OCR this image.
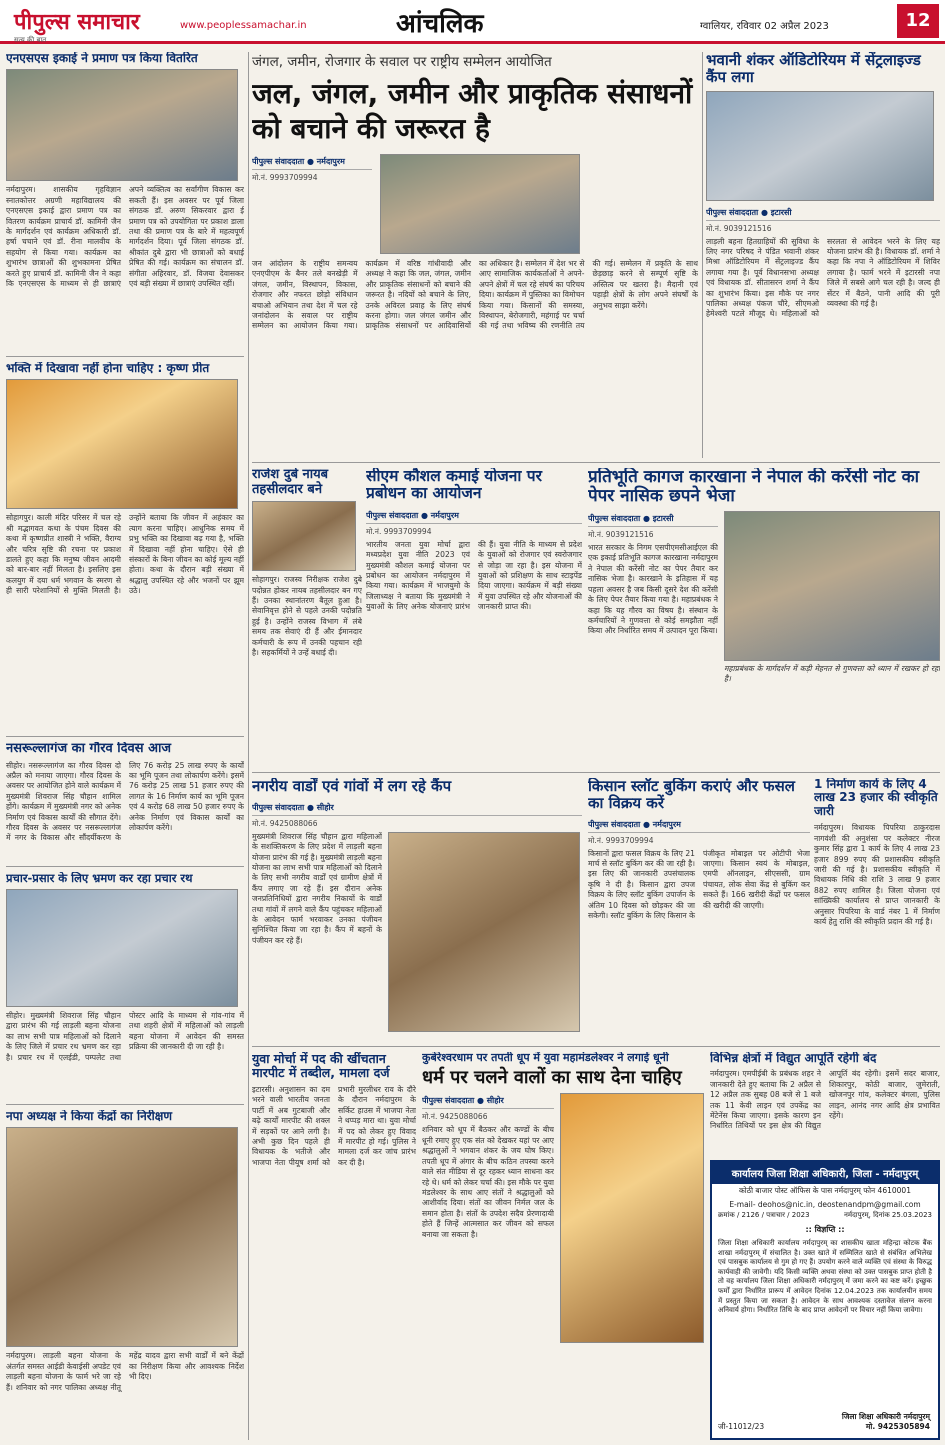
पीपुल्स समाचार
सत्य की बात
www.peoplessamachar.in	आंचलिक	ग्वालियर, रविवार 02 अप्रैल 2023	12
एनएसएस इकाई ने प्रमाण पत्र किया वितरित
नर्मदापुरम। शासकीय गृहविज्ञान स्नातकोत्तर अग्रणी महाविद्यालय की एनएसएस इकाई द्वारा प्रमाण पत्र का वितरण कार्यक्रम प्राचार्य डॉ. कामिनी जैन के मार्गदर्शन एवं कार्यक्रम अधिकारी डॉ. हर्षा चचाने एवं डॉ. रीना मालवीय के सहयोग से किया गया। कार्यक्रम का शुभारंभ छात्राओं की शुभकामना प्रेषित करते हुए प्राचार्य डॉ. कामिनी जैन ने कहा कि एनएसएस के माध्यम से ही छात्राएं अपने व्यक्तित्व का सर्वांगीण विकास कर सकती हैं। इस अवसर पर पूर्व जिला संगठक डॉ. अरुण सिकरवार द्वारा ई प्रमाण पत्र को उपयोगिता पर प्रकाश डाला तथा की प्रमाण पत्र के बारे में महत्वपूर्ण मार्गदर्शन दिया। पूर्व जिला संगठक डॉ. श्रीकांत दुबे द्वारा भी छात्राओं को बधाई प्रेषित की गई। कार्यक्रम का संचालन डॉ. संगीता अहिरवार, डॉ. विजया देवासकर एवं बड़ी संख्या में छात्राएं उपस्थित रहीं।
भक्ति में दिखावा नहीं होना चाहिए : कृष्ण प्रीत
सोहागपुर। काली मंदिर परिसर में चल रहे श्री मद्भागवत कथा के पंचम दिवस की कथा में कृष्णप्रीत शास्त्री ने भक्ति, वैराग्य और चरित्र सृष्टि की रचना पर प्रकाश डालते हुए कहा कि मनुष्य जीवन आदमी को बार-बार नहीं मिलता है। इसलिए इस कलयुग में दया धर्म भगवान के स्मरण से ही सारी परेशानियों से मुक्ति मिलती है। उन्होंने बताया कि जीवन में अहंकार का त्याग करना चाहिए। आधुनिक समय में प्रभु भक्ति का दिखावा बढ़ गया है, भक्ति में दिखावा नहीं होना चाहिए। ऐसे ही संस्कारों के बिना जीवन का कोई मूल्य नहीं होता। कथा के दौरान बड़ी संख्या में श्रद्धालु उपस्थित रहे और भजनों पर झूम उठे।
नसरूल्लागंज का गौरव दिवस आज
सीहोर। नसरूल्लागंज का गौरव दिवस दो अप्रैल को मनाया जाएगा। गौरव दिवस के अवसर पर आयोजित होने वाले कार्यक्रम में मुख्यमंत्री शिवराज सिंह चौहान शामिल होंगे। कार्यक्रम में मुख्यमंत्री नगर को अनेक निर्माण एवं विकास कार्यों की सौगात देंगे। गौरव दिवस के अवसर पर नसरूल्लागंज में नगर के विकास और सौंदर्यीकरण के लिए 76 करोड़ 25 लाख रुपए के कार्यों का भूमि पूजन तथा लोकार्पण करेंगे। इसमें 76 करोड़ 25 लाख 51 हजार रुपए की लागत के 16 निर्माण कार्य का भूमि पूजन एवं 4 करोड़ 68 लाख 50 हजार रुपए के अनेक निर्माण एवं विकास कार्यों का लोकार्पण करेंगे।
प्रचार-प्रसार के लिए भ्रमण कर रहा प्रचार रथ
सीहोर। मुख्यमंत्री शिवराज सिंह चौहान द्वारा प्रारंभ की गई लाड़ली बहना योजना का लाभ सभी पात्र महिलाओं को दिलाने के लिए जिले में प्रचार रथ भ्रमण कर रहा है। प्रचार रथ में एलईडी, पम्पलेट तथा पोस्टर आदि के माध्यम से गांव-गांव में तथा शहरी क्षेत्रों में महिलाओं को लाड़ली बहना योजना में आवेदन की समस्त प्रक्रिया की जानकारी दी जा रही है।
नपा अध्यक्ष ने किया केंद्रों का निरीक्षण
नर्मदापुरम। लाड़ली बहना योजना के अंतर्गत समस्त आईडी केवाईसी अपडेट एवं लाड़ली बहना योजना के फार्म भरे जा रहे हैं। शनिवार को नगर पालिका अध्यक्ष नीतू महेंद्र यादव द्वारा सभी वार्डों में बने केंद्रों का निरीक्षण किया और आवश्यक निर्देश भी दिए।
जंगल, जमीन, रोजगार के सवाल पर राष्ट्रीय सम्मेलन आयोजित
जल, जंगल, जमीन और प्राकृतिक संसाधनों को बचाने की जरूरत है
पीपुल्स संवाददाता ● नर्मदापुरम
मो.नं. 9993709994
जन आंदोलन के राष्ट्रीय समन्वय एनएपीएम के बैनर तले बनखेड़ी में जंगल, जमीन, विस्थापन, विकास, रोजगार और नफरत छोड़ो संविधान बचाओ अभियान तथा देश में चल रहे जनांदोलन के सवाल पर राष्ट्रीय सम्मेलन का आयोजन किया गया। कार्यक्रम में वरिष्ठ गांधीवादी और अध्यक्ष ने कहा कि जल, जंगल, जमीन और प्राकृतिक संसाधनों को बचाने की जरूरत है। नदियों को बचाने के लिए, उनके अविरल प्रवाह के लिए संघर्ष करना होगा। जल जंगल जमीन और प्राकृतिक संसाधनों पर आदिवासियों का अधिकार है। सम्मेलन में देश भर से आए सामाजिक कार्यकर्ताओं ने अपने-अपने क्षेत्रों में चल रहे संघर्ष का परिचय दिया। कार्यक्रम में पुस्तिका का विमोचन किया गया। किसानों की समस्या, विस्थापन, बेरोजगारी, महंगाई पर चर्चा की गई तथा भविष्य की रणनीति तय की गई। सम्मेलन में प्रकृति के साथ छेड़छाड़ करने से सम्पूर्ण सृष्टि के अस्तित्व पर खतरा है। मैदानी एवं पहाड़ी क्षेत्रों के लोग अपने संघर्षों के अनुभव साझा करेंगे।
भवानी शंकर ऑडिटोरियम में सेंट्रलाइज्ड कैंप लगा
पीपुल्स संवाददाता ● इटारसी
मो.नं. 9039121516
लाड़ली बहना हितग्राहियों की सुविधा के लिए नगर परिषद ने पंडित भवानी शंकर मिश्रा ऑडिटोरियम में सेंट्रलाइज्ड कैंप लगाया गया है। पूर्व विधानसभा अध्यक्ष एवं विधायक डॉ. सीतासरन शर्मा ने कैंप का शुभारंभ किया। इस मौके पर नगर पालिका अध्यक्ष पंकज चौरे, सीएमओ हेमेश्वरी पटले मौजूद थे। महिलाओं को सरलता से आवेदन भरने के लिए यह योजना प्रारंभ की है। विधायक डॉ. शर्मा ने कहा कि नपा ने ऑडिटोरियम में शिविर लगाया है। फार्म भरने में इटारसी नपा जिले में सबसे आगे चल रही है। जल्द ही सेंटर में बैठने, पानी आदि की पूरी व्यवस्था की गई है।
राजेश दुबे नायब तहसीलदार बने
सोहागपुर। राजस्व निरीक्षक राजेश दुबे पदोन्नत होकर नायब तहसीलदार बन गए हैं। उनका स्थानांतरण बैतूल हुआ है। सेवानिवृत्त होने से पहले उनकी पदोन्नति हुई है। उन्होंने राजस्व विभाग में लंबे समय तक सेवाएं दी हैं और ईमानदार कर्मचारी के रूप में उनकी पहचान रही है। सहकर्मियों ने उन्हें बधाई दी।
सीएम कौशल कमाई योजना पर प्रबोधन का आयोजन
पीपुल्स संवाददाता ● नर्मदापुरम
मो.नं. 9993709994
भारतीय जनता युवा मोर्चा द्वारा मध्यप्रदेश युवा नीति 2023 एवं मुख्यमंत्री कौशल कमाई योजना पर प्रबोधन का आयोजन नर्मदापुरम में किया गया। कार्यक्रम में भाजयुमो के जिलाध्यक्ष ने बताया कि मुख्यमंत्री ने युवाओं के लिए अनेक योजनाएं प्रारंभ की हैं। युवा नीति के माध्यम से प्रदेश के युवाओं को रोजगार एवं स्वरोजगार से जोड़ा जा रहा है। इस योजना में युवाओं को प्रशिक्षण के साथ स्टाइपेंड दिया जाएगा। कार्यक्रम में बड़ी संख्या में युवा उपस्थित रहे और योजनाओं की जानकारी प्राप्त की।
प्रतिभूति कागज कारखाना ने नेपाल की करेंसी नोट का पेपर नासिक छपने भेजा
पीपुल्स संवाददाता ● इटारसी
मो.नं. 9039121516
भारत सरकार के निगम एसपीएमसीआईएल की एक इकाई प्रतिभूति कागज कारखाना नर्मदापुरम ने नेपाल की करेंसी नोट का पेपर तैयार कर नासिक भेजा है। कारखाने के इतिहास में यह पहला अवसर है जब किसी दूसरे देश की करेंसी के लिए पेपर तैयार किया गया है। महाप्रबंधक ने कहा कि यह गौरव का विषय है। संस्थान के कर्मचारियों ने गुणवत्ता से कोई समझौता नहीं किया और निर्धारित समय में उत्पादन पूरा किया।
महाप्रबंधक के मार्गदर्शन में कड़ी मेहनत से गुणवत्ता को ध्यान में रखकर हो रहा है।
नगरीय वार्डों एवं गांवों में लग रहे कैंप
पीपुल्स संवाददाता ● सीहोर
मो.नं. 9425088066
मुख्यमंत्री शिवराज सिंह चौहान द्वारा महिलाओं के सशक्तिकरण के लिए प्रदेश में लाड़ली बहना योजना प्रारंभ की गई है। मुख्यमंत्री लाड़ली बहना योजना का लाभ सभी पात्र महिलाओं को दिलाने के लिए सभी नगरीय वार्डों एवं ग्रामीण क्षेत्रों में कैंप लगाए जा रहे हैं। इस दौरान अनेक जनप्रतिनिधियों द्वारा नगरीय निकायों के वार्डों तथा गांवों में लगने वाले कैंप पहुंचकर महिलाओं के आवेदन फार्म भरवाकर उनका पंजीयन सुनिश्चित किया जा रहा है। कैंप में बहनों के पंजीयन कर रहे हैं।
किसान स्लॉट बुकिंग कराएं और फसल का विक्रय करें
पीपुल्स संवाददाता ● नर्मदापुरम
मो.नं. 9993709994
किसानों द्वारा फसल विक्रय के लिए 21 मार्च से स्लॉट बुकिंग कर की जा रही है। इस लिए की जानकारी उपसंचालक कृषि ने दी है। किसान द्वारा उपज विक्रय के लिए स्लॉट बुकिंग उपार्जन के अंतिम 10 दिवस को छोड़कर की जा सकेगी। स्लॉट बुकिंग के लिए किसान के पंजीकृत मोबाइल पर ओटीपी भेजा जाएगा। किसान स्वयं के मोबाइल, एमपी ऑनलाइन, सीएससी, ग्राम पंचायत, लोक सेवा केंद्र से बुकिंग कर सकते हैं। 166 खरीदी केंद्रों पर फसल की खरीदी की जाएगी।
1 निर्माण कार्य के लिए 4 लाख 23 हजार की स्वीकृति जारी
नर्मदापुरम। विधायक पिपरिया ठाकुरदास नागवंशी की अनुशंसा पर कलेक्टर नीरज कुमार सिंह द्वारा 1 कार्य के लिए 4 लाख 23 हजार 899 रुपए की प्रशासकीय स्वीकृति जारी की गई है। प्रशासकीय स्वीकृति में विधायक निधि की राशि 3 लाख 9 हजार 882 रुपए शामिल है। जिला योजना एवं सांख्यिकी कार्यालय से प्राप्त जानकारी के अनुसार पिपरिया के वार्ड नंबर 1 में निर्माण कार्य हेतु राशि की स्वीकृति प्रदान की गई है।
युवा मोर्चा में पद की खींचतान मारपीट में तब्दील, मामला दर्ज
इटारसी। अनुशासन का दम भरने वाली भारतीय जनता पार्टी में अब गुटबाजी और बढ़े कार्यों मारपीट की शक्ल में सड़कों पर आने लगी है। अभी कुछ दिन पहले ही विधायक के भतीजे और भाजपा नेता पीयूष शर्मा को प्रभारी मुरलीधर राव के दौरे के दौरान नर्मदापुरम के सर्किट हाउस में भाजपा नेता ने थप्पड़ मारा था। युवा मोर्चा में पद को लेकर हुए विवाद में मारपीट हो गई। पुलिस ने मामला दर्ज कर जांच प्रारंभ कर दी है।
कुबेरेश्वरधाम पर तपती धूप में युवा महामंडलेश्वर ने लगाई धूनी
धर्म पर चलने वालों का साथ देना चाहिए
पीपुल्स संवाददाता ● सीहोर
मो.नं. 9425088066
शनिवार को धूप में बैठकर और कण्डों के बीच धूनी रमाए हुए एक संत को देखकर यहां पर आए श्रद्धालुओं ने भगवान शंकर के जय घोष किए। तपती धूप में अंगार के बीच कठिन तपस्या करने वाले संत मीडिया से दूर रहकर ध्यान साधना कर रहे थे। धर्म को लेकर चर्चा की। इस मौके पर युवा मंडलेश्वर के साथ आए संतों ने श्रद्धालुओं को आशीर्वाद दिया। संतों का जीवन निर्मल जल के समान होता है। संतों के उपदेश सदैव प्रेरणादायी होते हैं जिन्हें आत्मसात कर जीवन को सफल बनाया जा सकता है।
कार्यालय जिला शिक्षा अधिकारी, जिला - नर्मदापुरम्
कोठी बाजार पोस्ट ऑफिस के पास नर्मदापुरम् फोन 4610001
E-mail- deohos@nic.in, deostenandpm@gmail.com
क्रमांक / 2126 / पत्राचार / 2023	नर्मदापुरम्, दिनांक 25.03.2023
:: विज्ञप्ति ::
जिला शिक्षा अधिकारी कार्यालय नर्मदापुरम् का शासकीय खाता महिन्द्रा कोटक बैंक शाखा नर्मदापुरम् में संचालित है। उक्त खाते में सम्मिलित खाते से संबंधित अभिलेख एवं पासबुक कार्यालय से गुम हो गए हैं। उपयोग करने वाले व्यक्ति एवं संस्था के विरुद्ध कार्यवाही की जावेगी। यदि किसी व्यक्ति अथवा संस्था को उक्त पासबुक प्राप्त होती है तो वह कार्यालय जिला शिक्षा अधिकारी नर्मदापुरम् में जमा करने का कष्ट करें। इच्छुक फर्मों द्वारा निर्धारित प्रारूप में आवेदन दिनांक 12.04.2023 तक कार्यालयीन समय में प्रस्तुत किया जा सकता है। आवेदन के साथ आवश्यक दस्तावेज संलग्न करना अनिवार्य होगा। निर्धारित तिथि के बाद प्राप्त आवेदनों पर विचार नहीं किया जावेगा।
जी-11012/23
जिला शिक्षा अधिकारी नर्मदापुरम्
मो. 9425305894
विभिन्न क्षेत्रों में विद्युत आपूर्ति रहेगी बंद
नर्मदापुरम। एमपीईबी के प्रबंधक शहर ने जानकारी देते हुए बताया कि 2 अप्रैल से 12 अप्रैल तक सुबह 08 बजे से 1 बजे तक 11 केवी लाइन एवं उपकेंद्र का मेंटेनेंस किया जाएगा। इसके कारण इन निर्धारित तिथियों पर इस क्षेत्र की विद्युत आपूर्ति बंद रहेगी। इसमें सदर बाजार, शिकारपुर, कोठी बाजार, जुमेराती, खोजनपुर गांव, कलेक्टर बंगला, पुलिस लाइन, आनंद नगर आदि क्षेत्र प्रभावित रहेंगे।
